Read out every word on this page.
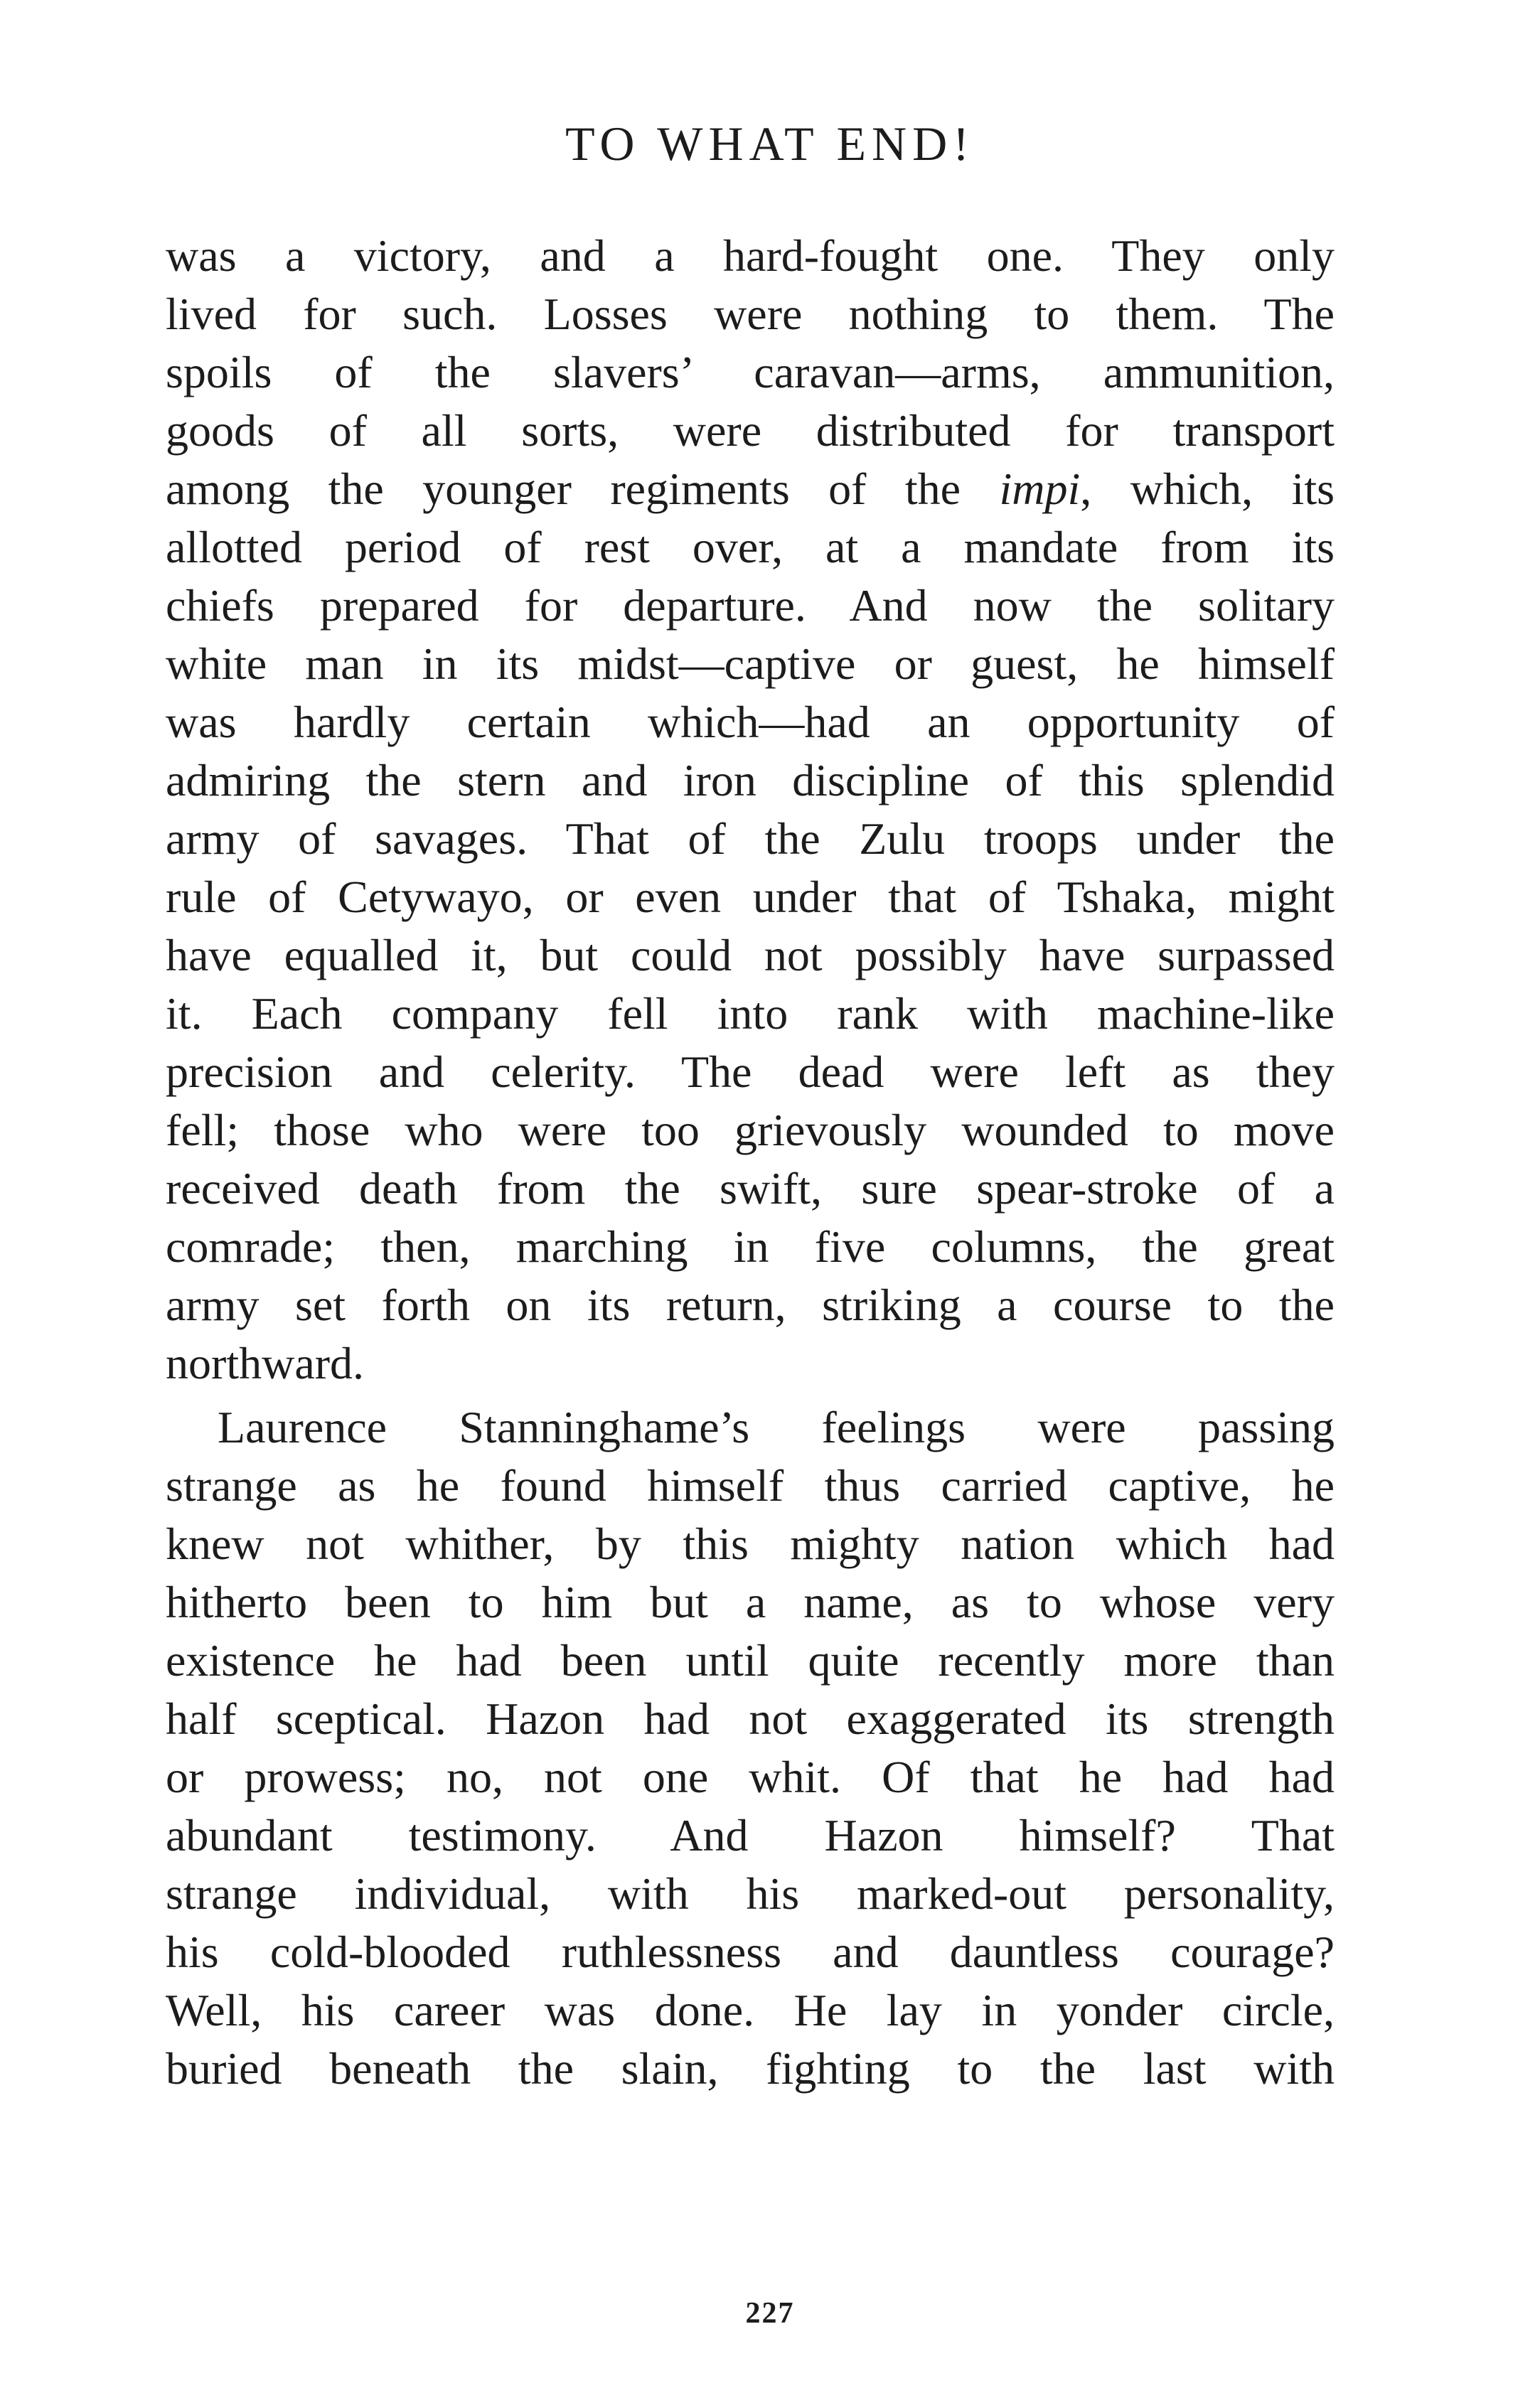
TO WHAT END!
was a victory, and a hard-fought one. They only
lived for such. Losses were nothing to them. The
spoils of the slavers’ caravan—arms, ammunition,
goods of all sorts, were distributed for transport
among the younger regiments of the impi, which, its
allotted period of rest over, at a mandate from its
chiefs prepared for departure. And now the solitary
white man in its midst—captive or guest, he himself
was hardly certain which—had an opportunity of
admiring the stern and iron discipline of this splendid
army of savages. That of the Zulu troops under the
rule of Cetywayo, or even under that of Tshaka, might
have equalled it, but could not possibly have surpassed
it. Each company fell into rank with machine-like
precision and celerity. The dead were left as they
fell; those who were too grievously wounded to move
received death from the swift, sure spear-stroke of a
comrade; then, marching in five columns, the great
army set forth on its return, striking a course to the
northward.
Laurence Stanninghame’s feelings were passing
strange as he found himself thus carried captive, he
knew not whither, by this mighty nation which had
hitherto been to him but a name, as to whose very
existence he had been until quite recently more than
half sceptical. Hazon had not exaggerated its strength
or prowess; no, not one whit. Of that he had had
abundant testimony. And Hazon himself? That
strange individual, with his marked-out personality,
his cold-blooded ruthlessness and dauntless courage?
Well, his career was done. He lay in yonder circle,
buried beneath the slain, fighting to the last with
227
